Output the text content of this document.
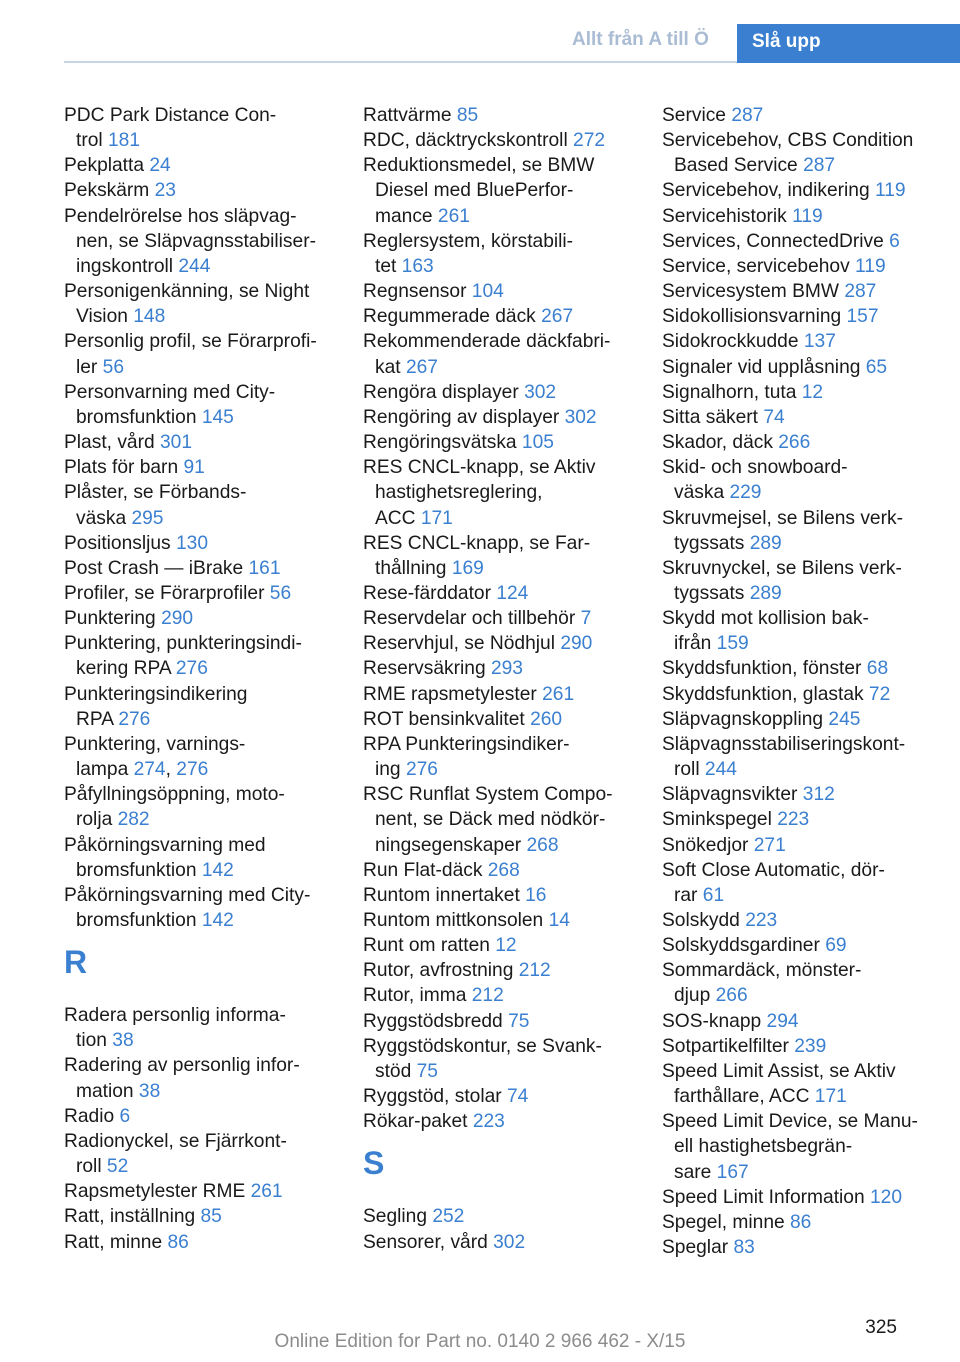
Allt från A till Ö	Slå upp
PDC Park Distance Con-
trol 181
Pekplatta 24
Pekskärm 23
Pendelrörelse hos släpvag-
nen, se Släpvagnsstabiliser-
ingskontroll 244
Personigenkänning, se Night
Vision 148
Personlig profil, se Förarprofi-
ler 56
Personvarning med City-
bromsfunktion 145
Plast, vård 301
Plats för barn 91
Plåster, se Förbands-
väska 295
Positionsljus 130
Post Crash — iBrake 161
Profiler, se Förarprofiler 56
Punktering 290
Punktering, punkteringsindi-
kering RPA 276
Punkteringsindikering
RPA 276
Punktering, varnings-
lampa 274, 276
Påfyllningsöppning, moto-
rolja 282
Påkörningsvarning med
bromsfunktion 142
Påkörningsvarning med City-
bromsfunktion 142
R
Radera personlig informa-
tion 38
Radering av personlig infor-
mation 38
Radio 6
Radionyckel, se Fjärrkont-
roll 52
Rapsmetylester RME 261
Ratt, inställning 85
Ratt, minne 86
Rattvärme 85
RDC, däcktryckskontroll 272
Reduktionsmedel, se BMW
Diesel med BluePerfor-
mance 261
Reglersystem, körstabili-
tet 163
Regnsensor 104
Regummerade däck 267
Rekommenderade däckfabri-
kat 267
Rengöra displayer 302
Rengöring av displayer 302
Rengöringsvätska 105
RES CNCL-knapp, se Aktiv
hastighetsreglering,
ACC 171
RES CNCL-knapp, se Far-
thållning 169
Rese-färddator 124
Reservdelar och tillbehör 7
Reservhjul, se Nödhjul 290
Reservsäkring 293
RME rapsmetylester 261
ROT bensinkvalitet 260
RPA Punkteringsindiker-
ing 276
RSC Runflat System Compo-
nent, se Däck med nödkör-
ningsegenskaper 268
Run Flat-däck 268
Runtom innertaket 16
Runtom mittkonsolen 14
Runt om ratten 12
Rutor, avfrostning 212
Rutor, imma 212
Ryggstödsbredd 75
Ryggstödskontur, se Svank-
stöd 75
Ryggstöd, stolar 74
Rökar-paket 223
S
Segling 252
Sensorer, vård 302
Service 287
Servicebehov, CBS Condition
Based Service 287
Servicebehov, indikering 119
Servicehistorik 119
Services, ConnectedDrive 6
Service, servicebehov 119
Servicesystem BMW 287
Sidokollisionsvarning 157
Sidokrockkudde 137
Signaler vid upplåsning 65
Signalhorn, tuta 12
Sitta säkert 74
Skador, däck 266
Skid- och snowboard-
väska 229
Skruvmejsel, se Bilens verk-
tygssats 289
Skruvnyckel, se Bilens verk-
tygssats 289
Skydd mot kollision bak-
ifrån 159
Skyddsfunktion, fönster 68
Skyddsfunktion, glastak 72
Släpvagnskoppling 245
Släpvagnsstabiliseringskont-
roll 244
Släpvagnsvikter 312
Sminkspegel 223
Snökedjor 271
Soft Close Automatic, dör-
rar 61
Solskydd 223
Solskyddsgardiner 69
Sommardäck, mönster-
djup 266
SOS-knapp 294
Sotpartikelfilter 239
Speed Limit Assist, se Aktiv
farthållare, ACC 171
Speed Limit Device, se Manu-
ell hastighetsbegrän-
sare 167
Speed Limit Information 120
Spegel, minne 86
Speglar 83
325
Online Edition for Part no. 0140 2 966 462 - X/15
